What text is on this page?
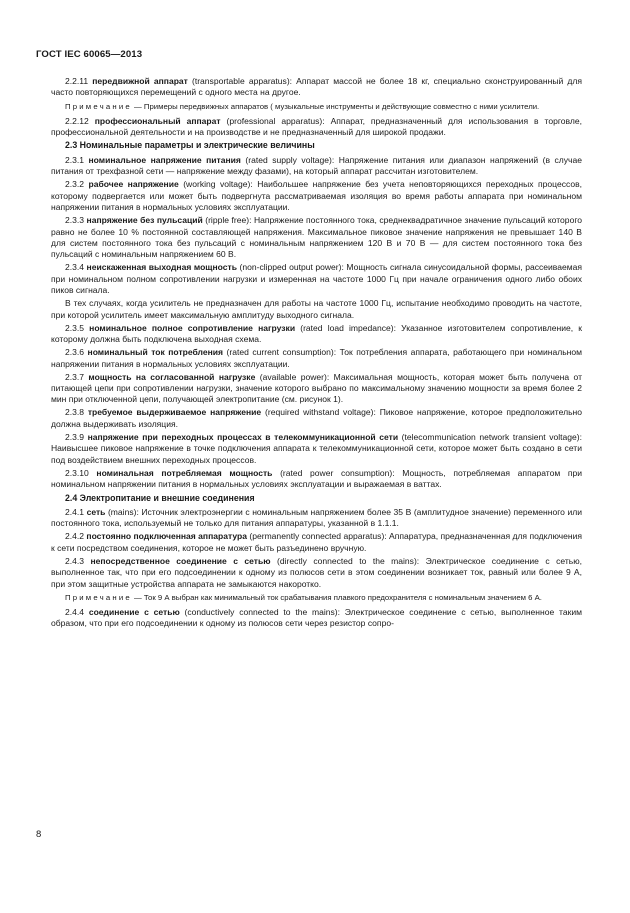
ГОСТ IEC 60065—2013

2.2.11 передвижной аппарат (transportable apparatus): Аппарат массой не более 18 кг, специально сконструированный для часто повторяющихся перемещений с одного места на другое.

Примечание — Примеры передвижных аппаратов ( музыкальные инструменты и действующие совместно с ними усилители.

2.2.12 профессиональный аппарат (professional apparatus): Аппарат, предназначенный для использования в торговле, профессиональной деятельности и на производстве и не предназначенный для широкой продажи.

2.3 Номинальные параметры и электрические величины

2.3.1 номинальное напряжение питания (rated supply voltage): Напряжение питания или диапазон напряжений (в случае питания от трехфазной сети — напряжение между фазами), на который аппарат рассчитан изготовителем.

2.3.2 рабочее напряжение (working voltage): Наибольшее напряжение без учета неповторяющихся переходных процессов, которому подвергается или может быть подвергнута рассматриваемая изоляция во время работы аппарата при номинальном напряжении питания в нормальных условиях эксплуатации.

2.3.3 напряжение без пульсаций (ripple free): Напряжение постоянного тока, среднеквадратичное значение пульсаций которого равно не более 10 % постоянной составляющей напряжения. Максимальное пиковое значение напряжения не превышает 140 В для систем постоянного тока без пульсаций с номинальным напряжением 120 В и 70 В — для систем постоянного тока без пульсаций с номинальным напряжением 60 В.

2.3.4 неискаженная выходная мощность (non-clipped output power): Мощность сигнала синусоидальной формы, рассеиваемая при номинальном полном сопротивлении нагрузки и измеренная на частоте 1000 Гц при начале ограничения одного либо обоих пиков сигнала.

В тех случаях, когда усилитель не предназначен для работы на частоте 1000 Гц, испытание необходимо проводить на частоте, при которой усилитель имеет максимальную амплитуду выходного сигнала.

2.3.5 номинальное полное сопротивление нагрузки (rated load impedance): Указанное изготовителем сопротивление, к которому должна быть подключена выходная схема.

2.3.6 номинальный ток потребления (rated current consumption): Ток потребления аппарата, работающего при номинальном напряжении питания в нормальных условиях эксплуатации.

2.3.7 мощность на согласованной нагрузке (available power): Максимальная мощность, которая может быть получена от питающей цепи при сопротивлении нагрузки, значение которого выбрано по максимальному значению мощности за время более 2 мин при отключенной цепи, получающей электропитание (см. рисунок 1).

2.3.8 требуемое выдерживаемое напряжение (required withstand voltage): Пиковое напряжение, которое предположительно должна выдерживать изоляция.

2.3.9 напряжение при переходных процессах в телекоммуникационной сети (telecommunication network transient voltage): Наивысшее пиковое напряжение в точке подключения аппарата к телекоммуникационной сети, которое может быть создано в сети под воздействием внешних переходных процессов.

2.3.10 номинальная потребляемая мощность (rated power consumption): Мощность, потребляемая аппаратом при номинальном напряжении питания в нормальных условиях эксплуатации и выражаемая в ваттах.

2.4 Электропитание и внешние соединения

2.4.1 сеть (mains): Источник электроэнергии с номинальным напряжением более 35 В (амплитудное значение) переменного или постоянного тока, используемый не только для питания аппаратуры, указанной в 1.1.1.

2.4.2 постоянно подключенная аппаратура (permanently connected apparatus): Аппаратура, предназначенная для подключения к сети посредством соединения, которое не может быть разъединено вручную.

2.4.3 непосредственное соединение с сетью (directly connected to the mains): Электрическое соединение с сетью, выполненное так, что при его подсоединении к одному из полюсов сети в этом соединении возникает ток, равный или более 9 А, при этом защитные устройства аппарата не замыкаются накоротко.

Примечание — Ток 9 А выбран как минимальный ток срабатывания плавкого предохранителя с номинальным значением 6 А.

2.4.4 соединение с сетью (conductively connected to the mains): Электрическое соединение с сетью, выполненное таким образом, что при его подсоединении к одному из полюсов сети через резистор сопро-

8
